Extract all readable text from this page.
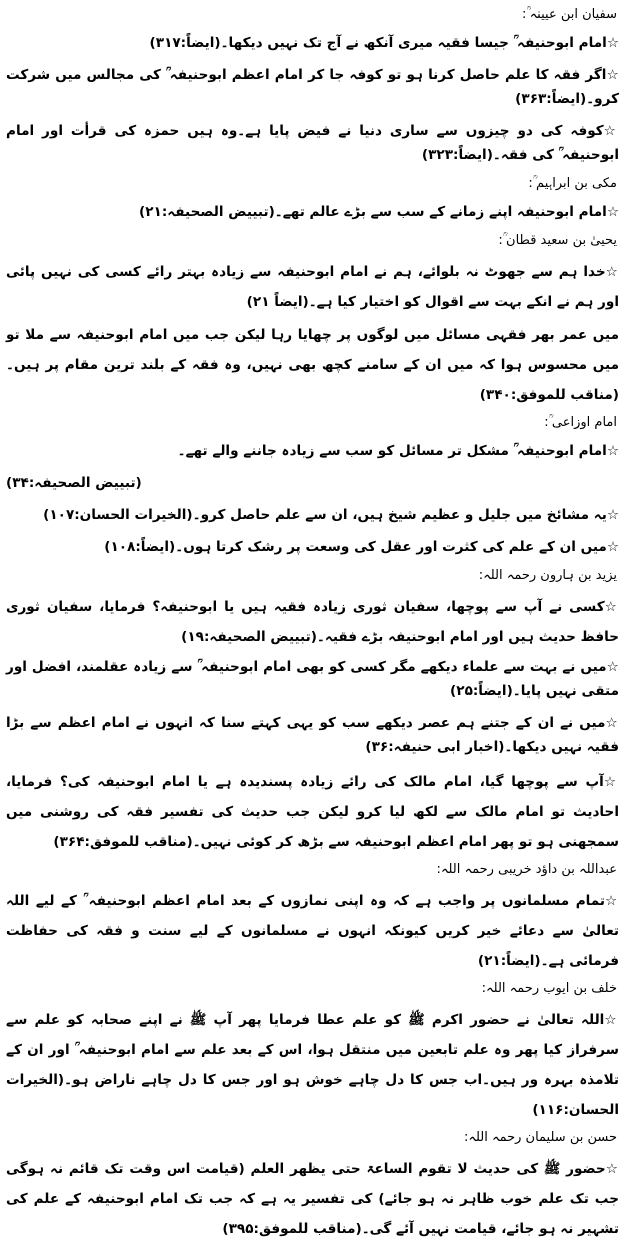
سفیان ابن عیینہ ؒ:

☆امام ابوحنیفہ ؒ جیسا فقیہ میری آنکھ نے آج تک نہیں دیکھا۔(ایضاً:۳۱۷)

☆اگر فقہ کا علم حاصل کرنا ہو تو کوفہ جا کر امام اعظم ابوحنیفہ ؒ کی مجالس میں شرکت کرو۔(ایضاً:۳۶۳)

☆کوفہ کی دو چیزوں سے ساری دنیا نے فیض پایا ہے۔وہ ہیں حمزہ کی قرأت اور امام ابوحنیفہ ؒ کی فقہ۔(ایضاً:۳۲۳)

مکی بن ابراہیم ؒ:

☆امام ابوحنیفہ اپنے زمانے کے سب سے بڑے عالم تھے۔(تبییض الصحیفہ:۲۱)

یحییٰ بن سعید قطان ؒ:

☆خدا ہم سے جھوٹ نہ بلوائے، ہم نے امام ابوحنیفہ سے زیادہ بہتر رائے کسی کی نہیں پائی اور ہم نے انکے بہت سے اقوال کو اختیار کیا ہے۔(ایضاً ۲۱)

میں عمر بھر فقہی مسائل میں لوگوں پر چھایا رہا لیکن جب میں امام ابوحنیفہ سے ملا تو میں محسوس ہوا کہ میں ان کے سامنے کچھ بھی نہیں، وہ فقہ کے بلند ترین مقام پر ہیں۔(مناقب للموفق:۳۴۰)

امام اوزاعی ؒ:

☆امام ابوحنیفہ ؒ مشکل تر مسائل کو سب سے زیادہ جاننے والے تھے۔

(تبییض الصحیفہ:۳۴)

☆یہ مشائخ میں جلیل و عظیم شیخ ہیں، ان سے علم حاصل کرو۔(الخیرات الحسان:۱۰۷)

☆میں ان کے علم کی کثرت اور عقل کی وسعت پر رشک کرتا ہوں۔(ایضاً:۱۰۸)

یزید بن ہارون رحمہ اللہ:

☆کسی نے آپ سے پوچھا، سفیان ثوری زیادہ فقیہ ہیں یا ابوحنیفہ؟ فرمایا، سفیان ثوری حافظ حدیث ہیں اور امام ابوحنیفہ بڑے فقیہ۔(تبییض الصحیفہ:۱۹)

☆میں نے بہت سے علماء دیکھے مگر کسی کو بھی امام ابوحنیفہ ؒ سے زیادہ عقلمند، افضل اور متقی نہیں پایا۔(ایضاً:۲۵)

☆میں نے ان کے جتنے ہم عصر دیکھے سب کو یہی کہتے سنا کہ انہوں نے امام اعظم سے بڑا فقیہ نہیں دیکھا۔(اخبار ابی حنیفہ:۳۶)

☆آپ سے پوچھا گیا، امام مالک کی رائے زیادہ پسندیدہ ہے یا امام ابوحنیفہ کی؟ فرمایا، احادیث تو امام مالک سے لکھ لیا کرو لیکن جب حدیث کی تفسیر فقہ کی روشنی میں سمجھنی ہو تو پھر امام اعظم ابوحنیفہ سے بڑھ کر کوئی نہیں۔(مناقب للموفق:۳۶۴)

عبداللہ بن داؤد خریبی رحمہ اللہ:

☆تمام مسلمانوں پر واجب ہے کہ وہ اپنی نمازوں کے بعد امام اعظم ابوحنیفہ ؒ کے لیے اللہ تعالیٰ سے دعائے خیر کریں کیونکہ انہوں نے مسلمانوں کے لیے سنت و فقہ کی حفاظت فرمائی ہے۔(ایضاً:۲۱)

خلف بن ایوب رحمہ اللہ:

☆اللہ تعالیٰ نے حضور اکرم ﷺ کو علم عطا فرمایا پھر آپ ﷺ نے اپنے صحابہ کو علم سے سرفراز کیا پھر وہ علم تابعین میں منتقل ہوا، اس کے بعد علم سے امام ابوحنیفہ ؒ اور ان کے تلامذہ بہرہ ور ہیں۔اب جس کا دل چاہے خوش ہو اور جس کا دل چاہے ناراض ہو۔(الخیرات الحسان:۱۱۶)

حسن بن سلیمان رحمہ اللہ:

☆حضور ﷺ کی حدیث لا تقوم الساعۃ حتی یظھر العلم (قیامت اس وقت تک قائم نہ ہوگی جب تک علم خوب ظاہر نہ ہو جائے) کی تفسیر یہ ہے کہ جب تک امام ابوحنیفہ کے علم کی تشہیر نہ ہو جائے، قیامت نہیں آئے گی۔(مناقب للموفق:۳۹۵)
